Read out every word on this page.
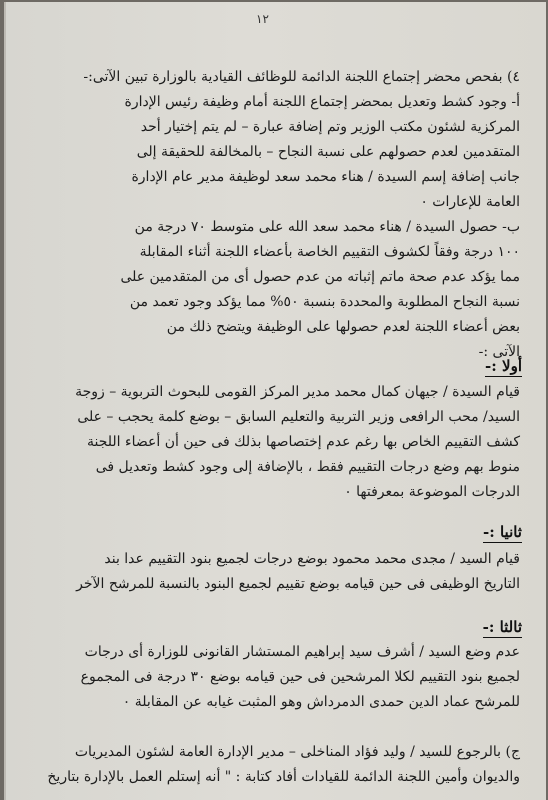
١٢

٤) بفحص محضر إجتماع اللجنة الدائمة للوظائف القيادية بالوزارة تبين الآتى:-

أ- وجود كشط وتعديل بمحضر إجتماع اللجنة أمام وظيفة رئيس الإدارة

المركزية لشئون مكتب الوزير وتم إضافة عبارة – لم يتم إختيار أحد

المتقدمين لعدم حصولهم على نسبة النجاح – بالمخالفة للحقيقة إلى

جانب إضافة إسم السيدة / هناء محمد سعد لوظيفة مدير عام الإدارة

العامة للإعارات ٠

ب- حصول السيدة / هناء محمد سعد الله على متوسط ٧٠ درجة من

١٠٠ درجة وفقاً لكشوف التقييم الخاصة بأعضاء اللجنة أثناء المقابلة

مما يؤكد عدم صحة ماتم إثباته من عدم حصول أى من المتقدمين على

نسبة النجاح المطلوبة والمحددة بنسبة ٥٠% مما يؤكد وجود تعمد من

بعض أعضاء اللجنة لعدم حصولها على الوظيفة ويتضح ذلك من

الآتى :-

أولا :-

قيام السيدة / جيهان كمال محمد مدير المركز القومى للبحوث التربوية – زوجة

السيد/ محب الرافعى وزير التربية والتعليم السابق – بوضع كلمة يحجب – على

كشف التقييم الخاص بها رغم عدم إختصاصها بذلك فى حين أن أعضاء اللجنة

منوط بهم وضع درجات التقييم فقط ، بالإضافة إلى وجود كشط وتعديل فى

الدرجات الموضوعة بمعرفتها ٠

ثانيا :-

قيام السيد / مجدى محمد محمود بوضع درجات لجميع بنود التقييم عدا بند

التاريخ الوظيفى فى حين قيامه بوضع تقييم لجميع البنود بالنسبة للمرشح الآخر

ثالثا :-

عدم وضع السيد / أشرف سيد إبراهيم المستشار القانونى للوزارة أى درجات

لجميع بنود التقييم لكلا المرشحين فى حين قيامه بوضع ٣٠ درجة فى المجموع

للمرشح عماد الدين حمدى الدمرداش وهو المثبت غيابه عن المقابلة ٠

ج) بالرجوع للسيد / وليد فؤاد المناخلى – مدير الإدارة العامة لشئون المديريات

والديوان وأمين اللجنة الدائمة للقيادات أفاد كتابة : " أنه إستلم العمل بالإدارة بتاريخ
